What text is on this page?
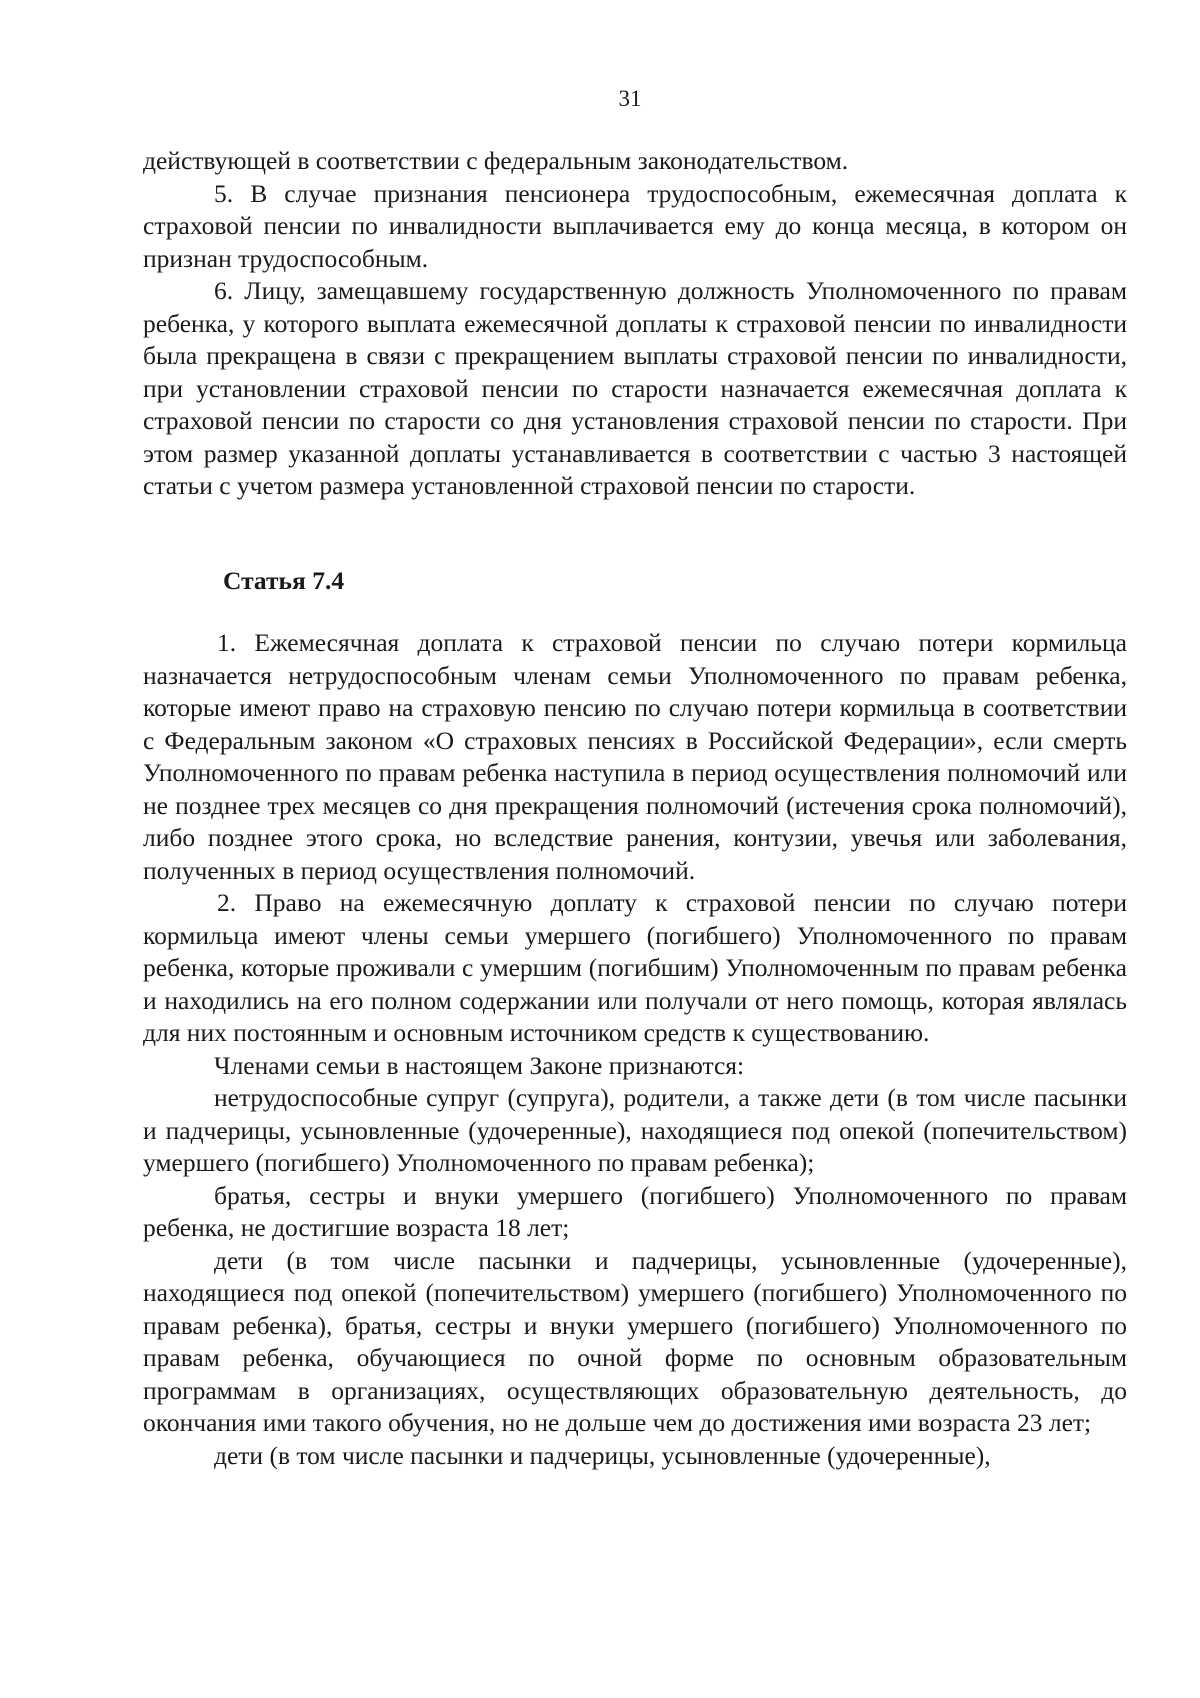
31

действующей в соответствии с федеральным законодательством.

5. В случае признания пенсионера трудоспособным, ежемесячная доплата к страховой пенсии по инвалидности выплачивается ему до конца месяца, в котором он признан трудоспособным.

6. Лицу, замещавшему государственную должность Уполномоченного по правам ребенка, у которого выплата ежемесячной доплаты к страховой пенсии по инвалидности была прекращена в связи с прекращением выплаты страховой пенсии по инвалидности, при установлении страховой пенсии по старости назначается ежемесячная доплата к страховой пенсии по старости со дня установления страховой пенсии по старости. При этом размер указанной доплаты устанавливается в соответствии с частью 3 настоящей статьи с учетом размера установленной страховой пенсии по старости.

Статья 7.4

1. Ежемесячная доплата к страховой пенсии по случаю потери кормильца назначается нетрудоспособным членам семьи Уполномоченного по правам ребенка, которые имеют право на страховую пенсию по случаю потери кормильца в соответствии с Федеральным законом «О страховых пенсиях в Российской Федерации», если смерть Уполномоченного по правам ребенка наступила в период осуществления полномочий или не позднее трех месяцев со дня прекращения полномочий (истечения срока полномочий), либо позднее этого срока, но вследствие ранения, контузии, увечья или заболевания, полученных в период осуществления полномочий.

2. Право на ежемесячную доплату к страховой пенсии по случаю потери кормильца имеют члены семьи умершего (погибшего) Уполномоченного по правам ребенка, которые проживали с умершим (погибшим) Уполномоченным по правам ребенка и находились на его полном содержании или получали от него помощь, которая являлась для них постоянным и основным источником средств к существованию.

Членами семьи в настоящем Законе признаются:

нетрудоспособные супруг (супруга), родители, а также дети (в том числе пасынки и падчерицы, усыновленные (удочеренные), находящиеся под опекой (попечительством) умершего (погибшего) Уполномоченного по правам ребенка);

братья, сестры и внуки умершего (погибшего) Уполномоченного по правам ребенка, не достигшие возраста 18 лет;

дети (в том числе пасынки и падчерицы, усыновленные (удочеренные), находящиеся под опекой (попечительством) умершего (погибшего) Уполномоченного по правам ребенка), братья, сестры и внуки умершего (погибшего) Уполномоченного по правам ребенка, обучающиеся по очной форме по основным образовательным программам в организациях, осуществляющих образовательную деятельность, до окончания ими такого обучения, но не дольше чем до достижения ими возраста 23 лет;

дети (в том числе пасынки и падчерицы, усыновленные (удочеренные),
